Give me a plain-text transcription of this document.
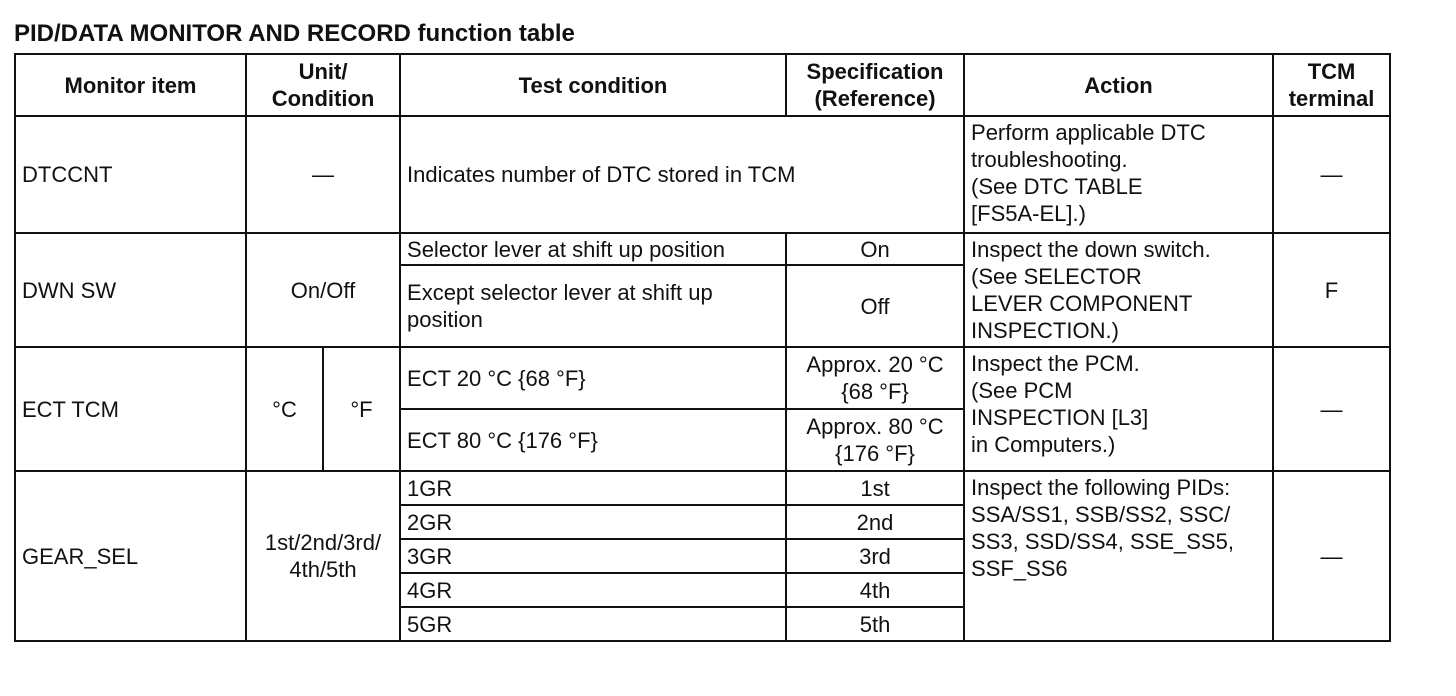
PID/DATA MONITOR AND RECORD function table
Monitor item	Unit/
Condition		Test condition	Specification
(Reference)	Action	TCM
terminal

DTCCNT	—		Indicates number of DTC stored in TCM		Perform applicable DTC
troubleshooting.
(See DTC TABLE
[FS5A-EL].)	—
DWN SW	On/Off		Selector lever at shift up position	On	Inspect the down switch.
(See SELECTOR
LEVER COMPONENT
INSPECTION.)	F

			Except selector lever at shift up
position	Off		
ECT TCM	°C	°F	ECT 20 °C {68 °F}	Approx. 20 °C
{68 °F}	Inspect the PCM.
(See PCM
INSPECTION [L3]
in Computers.)	—
			ECT 80 °C {176 °F}	Approx. 80 °C
{176 °F}		

GEAR_SEL	1st/2nd/3rd/
4th/5th		1GR	1st	Inspect the following PIDs:
SSA/SS1, SSB/SS2, SSC/
SS3, SSD/SS4, SSE_SS5,
SSF_SS6	—
			2GR	2nd		
			3GR	3rd		
			4GR	4th		
			5GR	5th		
